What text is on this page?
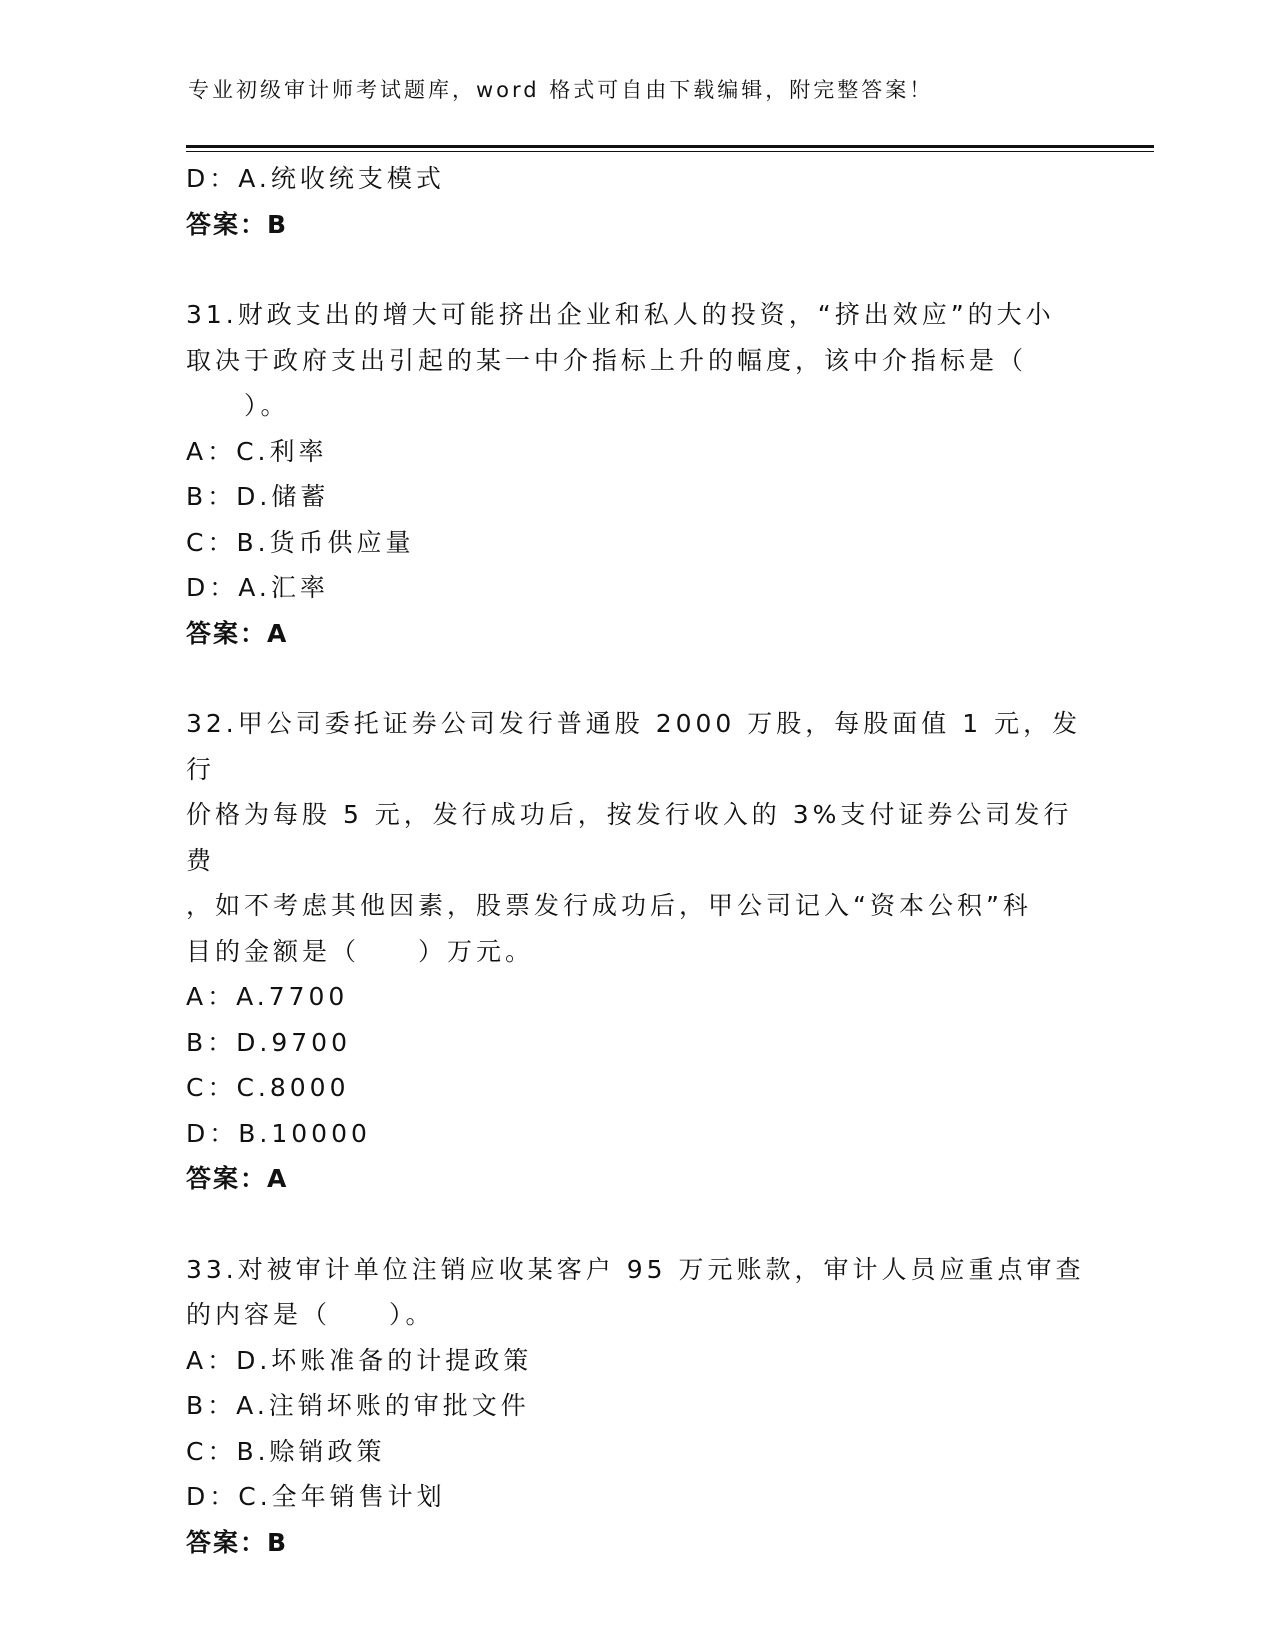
专业初级审计师考试题库，word 格式可自由下载编辑，附完整答案！
D：A.统收统支模式
答案：B
31.财政支出的增大可能挤出企业和私人的投资，“挤出效应”的大小
取决于政府支出引起的某一中介指标上升的幅度，该中介指标是（
　　）。
A：C.利率
B：D.储蓄
C：B.货币供应量
D：A.汇率
答案：A
32.甲公司委托证券公司发行普通股 2000 万股，每股面值 1 元，发行
价格为每股 5 元，发行成功后，按发行收入的 3%支付证券公司发行费
，如不考虑其他因素，股票发行成功后，甲公司记入“资本公积”科
目的金额是（　　）万元。
A：A.7700
B：D.9700
C：C.8000
D：B.10000
答案：A
33.对被审计单位注销应收某客户 95 万元账款，审计人员应重点审查
的内容是（　　）。
A：D.坏账准备的计提政策
B：A.注销坏账的审批文件
C：B.赊销政策
D：C.全年销售计划
答案：B
